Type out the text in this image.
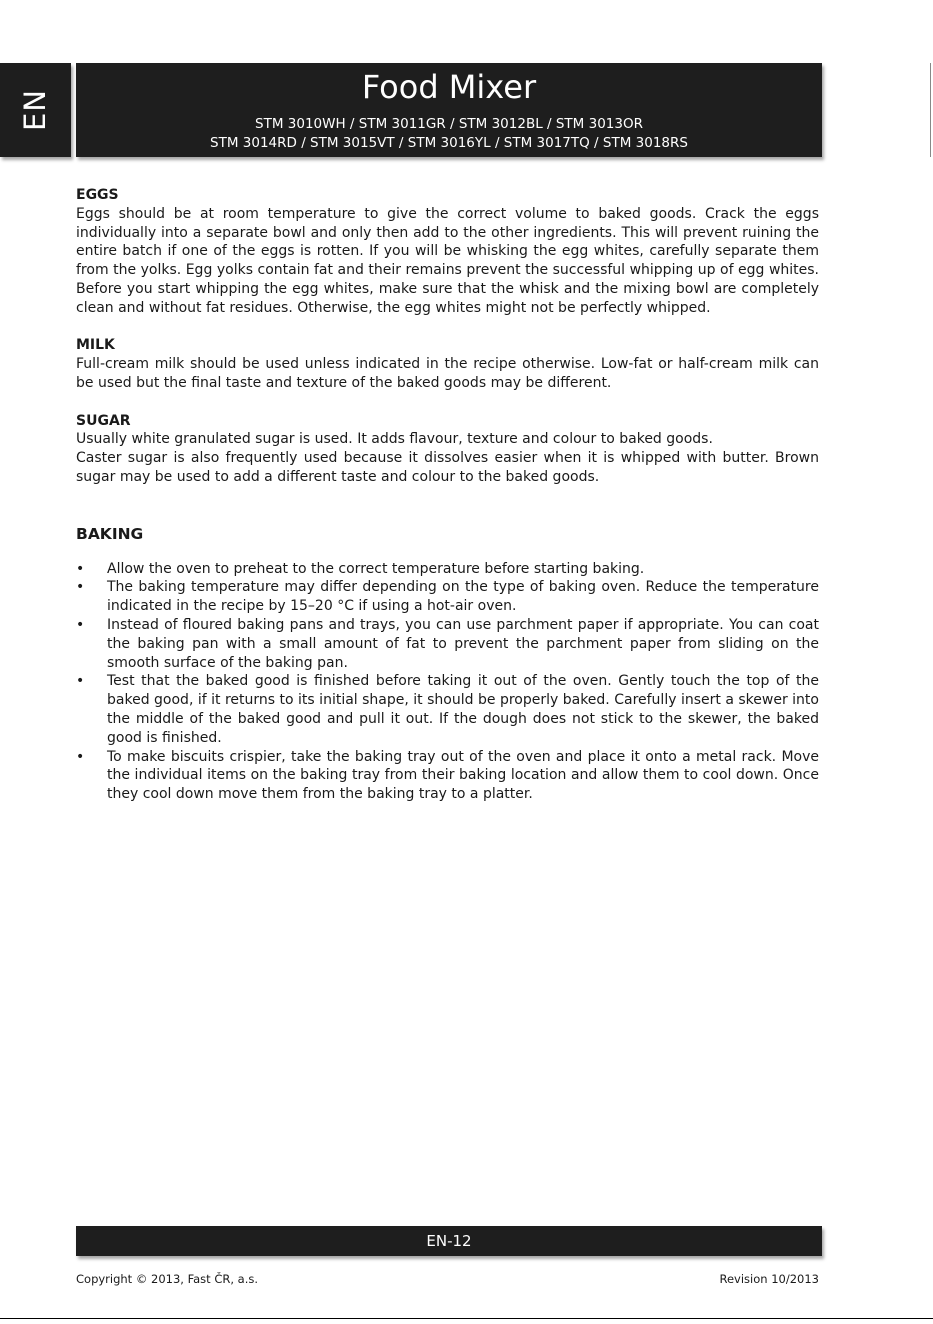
EN
Food Mixer
STM 3010WH / STM 3011GR / STM 3012BL / STM 3013OR
STM 3014RD / STM 3015VT / STM 3016YL / STM 3017TQ / STM 3018RS
EGGS

Eggs should be at room temperature to give the correct volume to baked goods. Crack the eggs individually into a separate bowl and only then add to the other ingredients. This will prevent ruining the entire batch if one of the eggs is rotten. If you will be whisking the egg whites, carefully separate them from the yolks. Egg yolks contain fat and their remains prevent the successful whipping up of egg whites. Before you start whipping the egg whites, make sure that the whisk and the mixing bowl are completely clean and without fat residues. Otherwise, the egg whites might not be perfectly whipped.

MILK

Full-cream milk should be used unless indicated in the recipe otherwise. Low-fat or half-cream milk can be used but the final taste and texture of the baked goods may be different.

SUGAR

Usually white granulated sugar is used. It adds flavour, texture and colour to baked goods.

Caster sugar is also frequently used because it dissolves easier when it is whipped with butter. Brown sugar may be used to add a different taste and colour to the baked goods.

BAKING
• Allow the oven to preheat to the correct temperature before starting baking.
• The baking temperature may differ depending on the type of baking oven. Reduce the temperature indicated in the recipe by 15–20 °C if using a hot-air oven.
• Instead of floured baking pans and trays, you can use parchment paper if appropriate. You can coat the baking pan with a small amount of fat to prevent the parchment paper from sliding on the smooth surface of the baking pan.
• Test that the baked good is finished before taking it out of the oven. Gently touch the top of the baked good, if it returns to its initial shape, it should be properly baked. Carefully insert a skewer into the middle of the baked good and pull it out. If the dough does not stick to the skewer, the baked good is finished.
• To make biscuits crispier, take the baking tray out of the oven and place it onto a metal rack. Move the individual items on the baking tray from their baking location and allow them to cool down. Once they cool down move them from the baking tray to a platter.
EN-12
Copyright © 2013, Fast ČR, a.s.	Revision 10/2013
